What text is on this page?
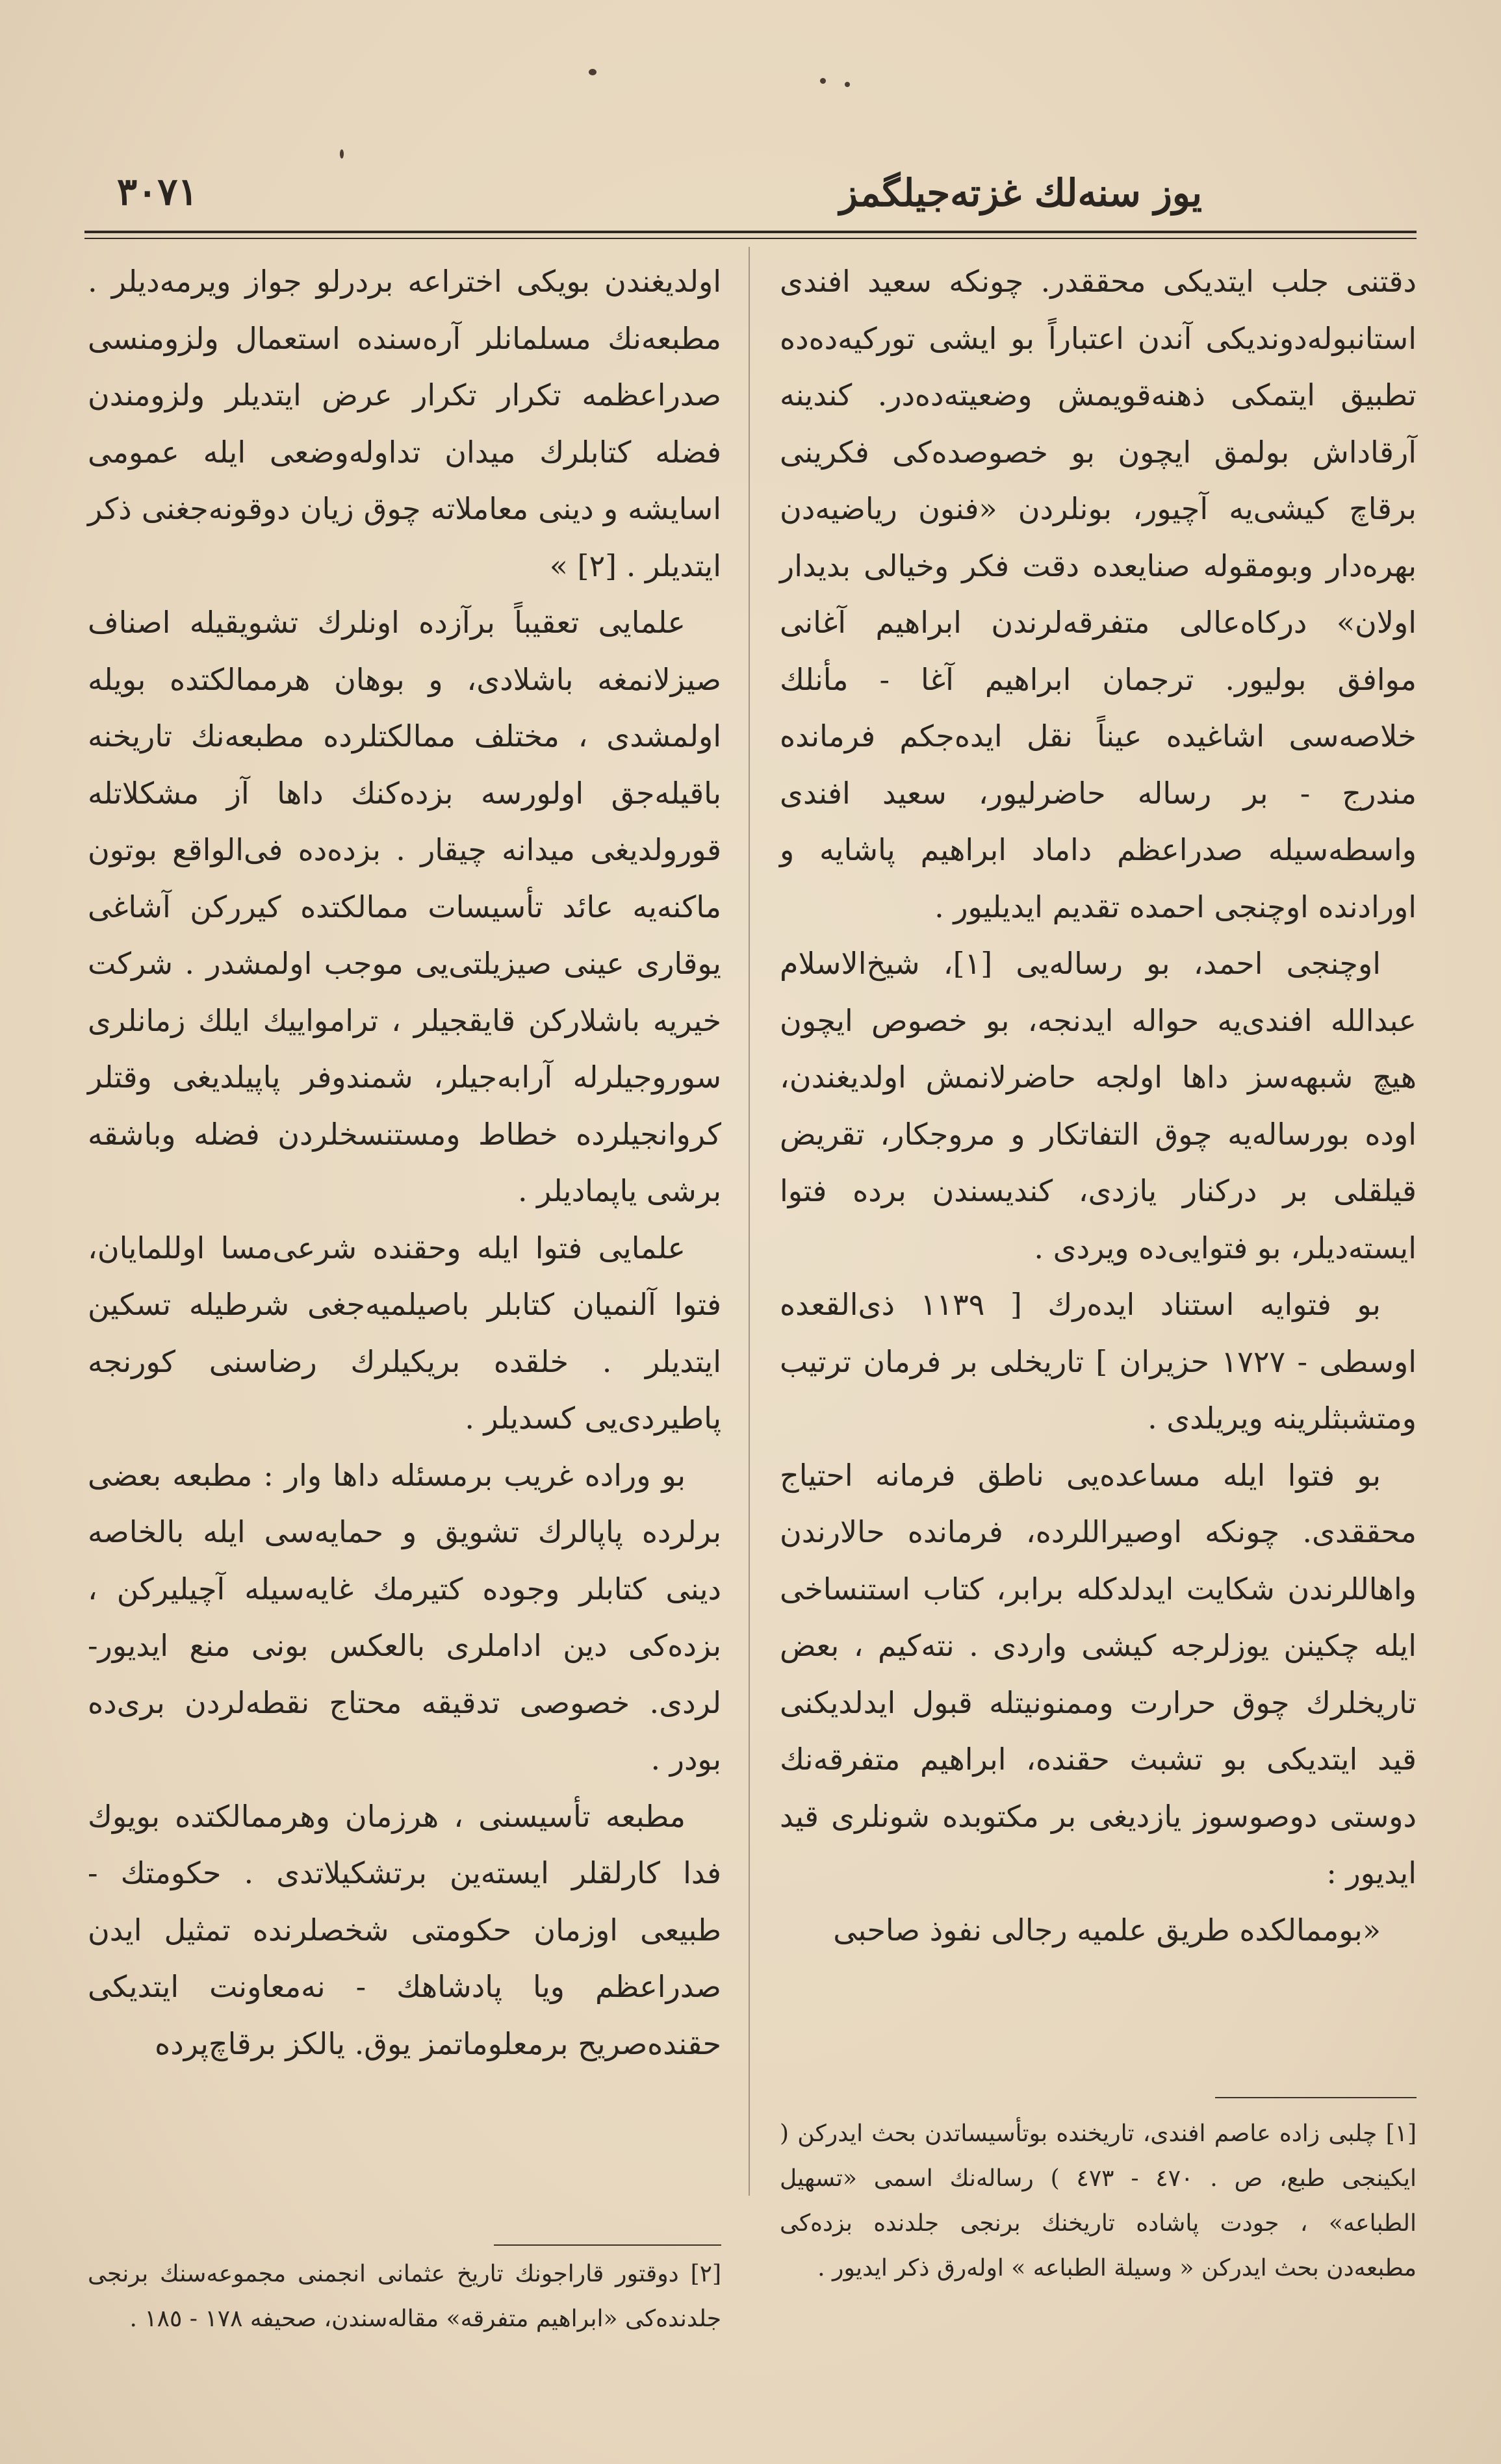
یوز سنه‌لك غزته‌جیلگمز
٣٠٧١

دقتنی جلب ایتدیکی محققدر. چونكه سعید افندی استانبوله‌دوندیکی آندن اعتباراً بو ایشی تورکیه‌ده‌ده تطبیق ایتمکی ذهنه‌قویمش وضعیته‌دەدر. کندینه آرقاداش بولمق ایچون بو خصوصده‌کی فکرینی برقاچ کیشی‌یه آچیور، بونلردن «فنون ریاضیه‌دن بهره‌دار وبومقوله صنایعده دقت فکر وخیالی بدیدار اولان» درکاه‌عالی متفرقه‌لرندن ابراهیم آغانی موافق بولیور. ترجمان ابراهیم آغا - مأنلك خلاصه‌سی اشاغیده عیناً نقل ایده‌جکم فرمانده مندرج - بر رساله حاضرلیور، سعید افندی واسطه‌سیله صدراعظم داماد ابراهیم پاشایه و اورادنده اوچنجی احمده تقدیم ایدیلیور .

اوچنجی احمد، بو رساله‌یی [١]، شیخ‌الاسلام عبدالله افندی‌یه حواله ایدنجه، بو خصوص ایچون هیچ شبهه‌سز داها اولجه حاضرلانمش اولدیغندن، اوده بورساله‌یه چوق التفاتکار و مروجکار، تقریض قیلقلی بر درکنار یازدی، کندیسندن برده فتوا ایسته‌دیلر، بو فتوایی‌ده ویردی .

بو فتوایه استناد ایده‌رك [ ١١٣٩ ذی‌القعده اوسطی - ١٧٢٧ حزیران ] تاریخلی بر فرمان ترتیب ومتشبثلرینه ویریلدی .

بو فتوا ایله مساعده‌یی ناطق فرمانه احتیاج محققدی. چونکه اوصیراللرده، فرمانده حالارندن واهاللرندن شکایت ایدلدکله برابر، کتاب استنساخی ایله چکینن یوزلرجه کیشی واردی . نته‌کیم ، بعض تاریخلرك چوق حرارت وممنونیتله قبول ایدلدیکنی قید ایتدیکی بو تشبث حقنده، ابراهیم متفرقه‌نك دوستی دوصوسوز یازدیغی بر مکتوبده شونلری قید ایدیور :

«بوممالکده طریق علمیه رجالی نفوذ صاحبی

اولدیغندن بویکی اختراعه بردرلو جواز ویرمه‌دیلر . مطبعه‌نك مسلمانلر آره‌سنده استعمال ولزومنسی صدراعظمه تکرار تکرار عرض ایتدیلر ولزومندن فضله کتابلرك میدان تداوله‌وضعی ایله عمومی اسایشه و دینی معاملاته چوق زیان دوقونه‌جغنی ذکر ایتدیلر . [٢] »

علمایی تعقیباً برآزده اونلرك تشویقیله اصناف صیزلانمغه باشلادی، و بوهان هرممالکتده بویله اولمشدی ، مختلف ممالکتلرده مطبعه‌نك تاریخنه باقیله‌جق اولورسه بزده‌کنك داها آز مشکلاتله قورولدیغی میدانه چیقار . بزده‌ده فی‌الواقع بوتون ماکنه‌یه عائد تأسیسات ممالکتده کیررکن آشاغی یوقاری عینی صیزیلتی‌یی موجب اولمشدر . شرکت خیریه باشلارکن قایقجیلر ، ترامواییك ایلك زمانلری سوروجیلرله آرابه‌جیلر، شمندوفر پاپیلدیغی وقتلر کروانجیلرده خطاط ومستنسخلردن فضله وباشقه برشی یاپمادیلر .

علمایی فتوا ایله وحقنده شرعی‌مسا اوللمایان، فتوا آلنمیان کتابلر باصیلمیه‌جغی شرطیله تسکین ایتدیلر . خلقده بریکیلرك رضاسنی کورنجه پاطیردی‌یی کسدیلر .

بو وراده غریب برمسئله داها وار : مطبعه بعضی برلرده پاپالرك تشویق و حمایه‌سی ایله بالخاصه دینی کتابلر وجوده کتیرمك غایه‌سیله آچیلیرکن ، بزده‌کی دین اداملری بالعکس بونی منع ایدیور- لردی. خصوصی تدقیقه محتاج نقطه‌لردن بری‌ده بودر .

مطبعه تأسیسنی ، هرزمان وهرممالکتده بویوك فدا کارلقلر ایسته‌ین برتشکیلاتدی . حکومتك - طبیعی اوزمان حکومتی شخصلرنده تمثیل ایدن صدراعظم ویا پادشاهك - نه‌معاونت ایتدیکی حقنده‌صریح برمعلوماتمز یوق. یالکز برقاچ‌پرده

[١] چلبی زاده عاصم افندی، تاریخنده بوتأسیساتدن بحث ایدرکن ( ایکینجی طبع، ص . ٤٧٠ - ٤٧٣ ) رساله‌نك اسمی «تسهیل الطباعه» ، جودت پاشاده تاریخنك برنجی جلدنده بزده‌کی مطبعه‌دن بحث ایدرکن « وسیلة الطباعه » اوله‌رق ذکر ایدیور .

[٢] دوقتور قاراجونك تاریخ عثمانی انجمنی مجموعه‌سنك برنجی جلدنده‌کی «ابراهیم متفرقه» مقاله‌سندن، صحیفه ١٧٨ - ١٨٥ .
